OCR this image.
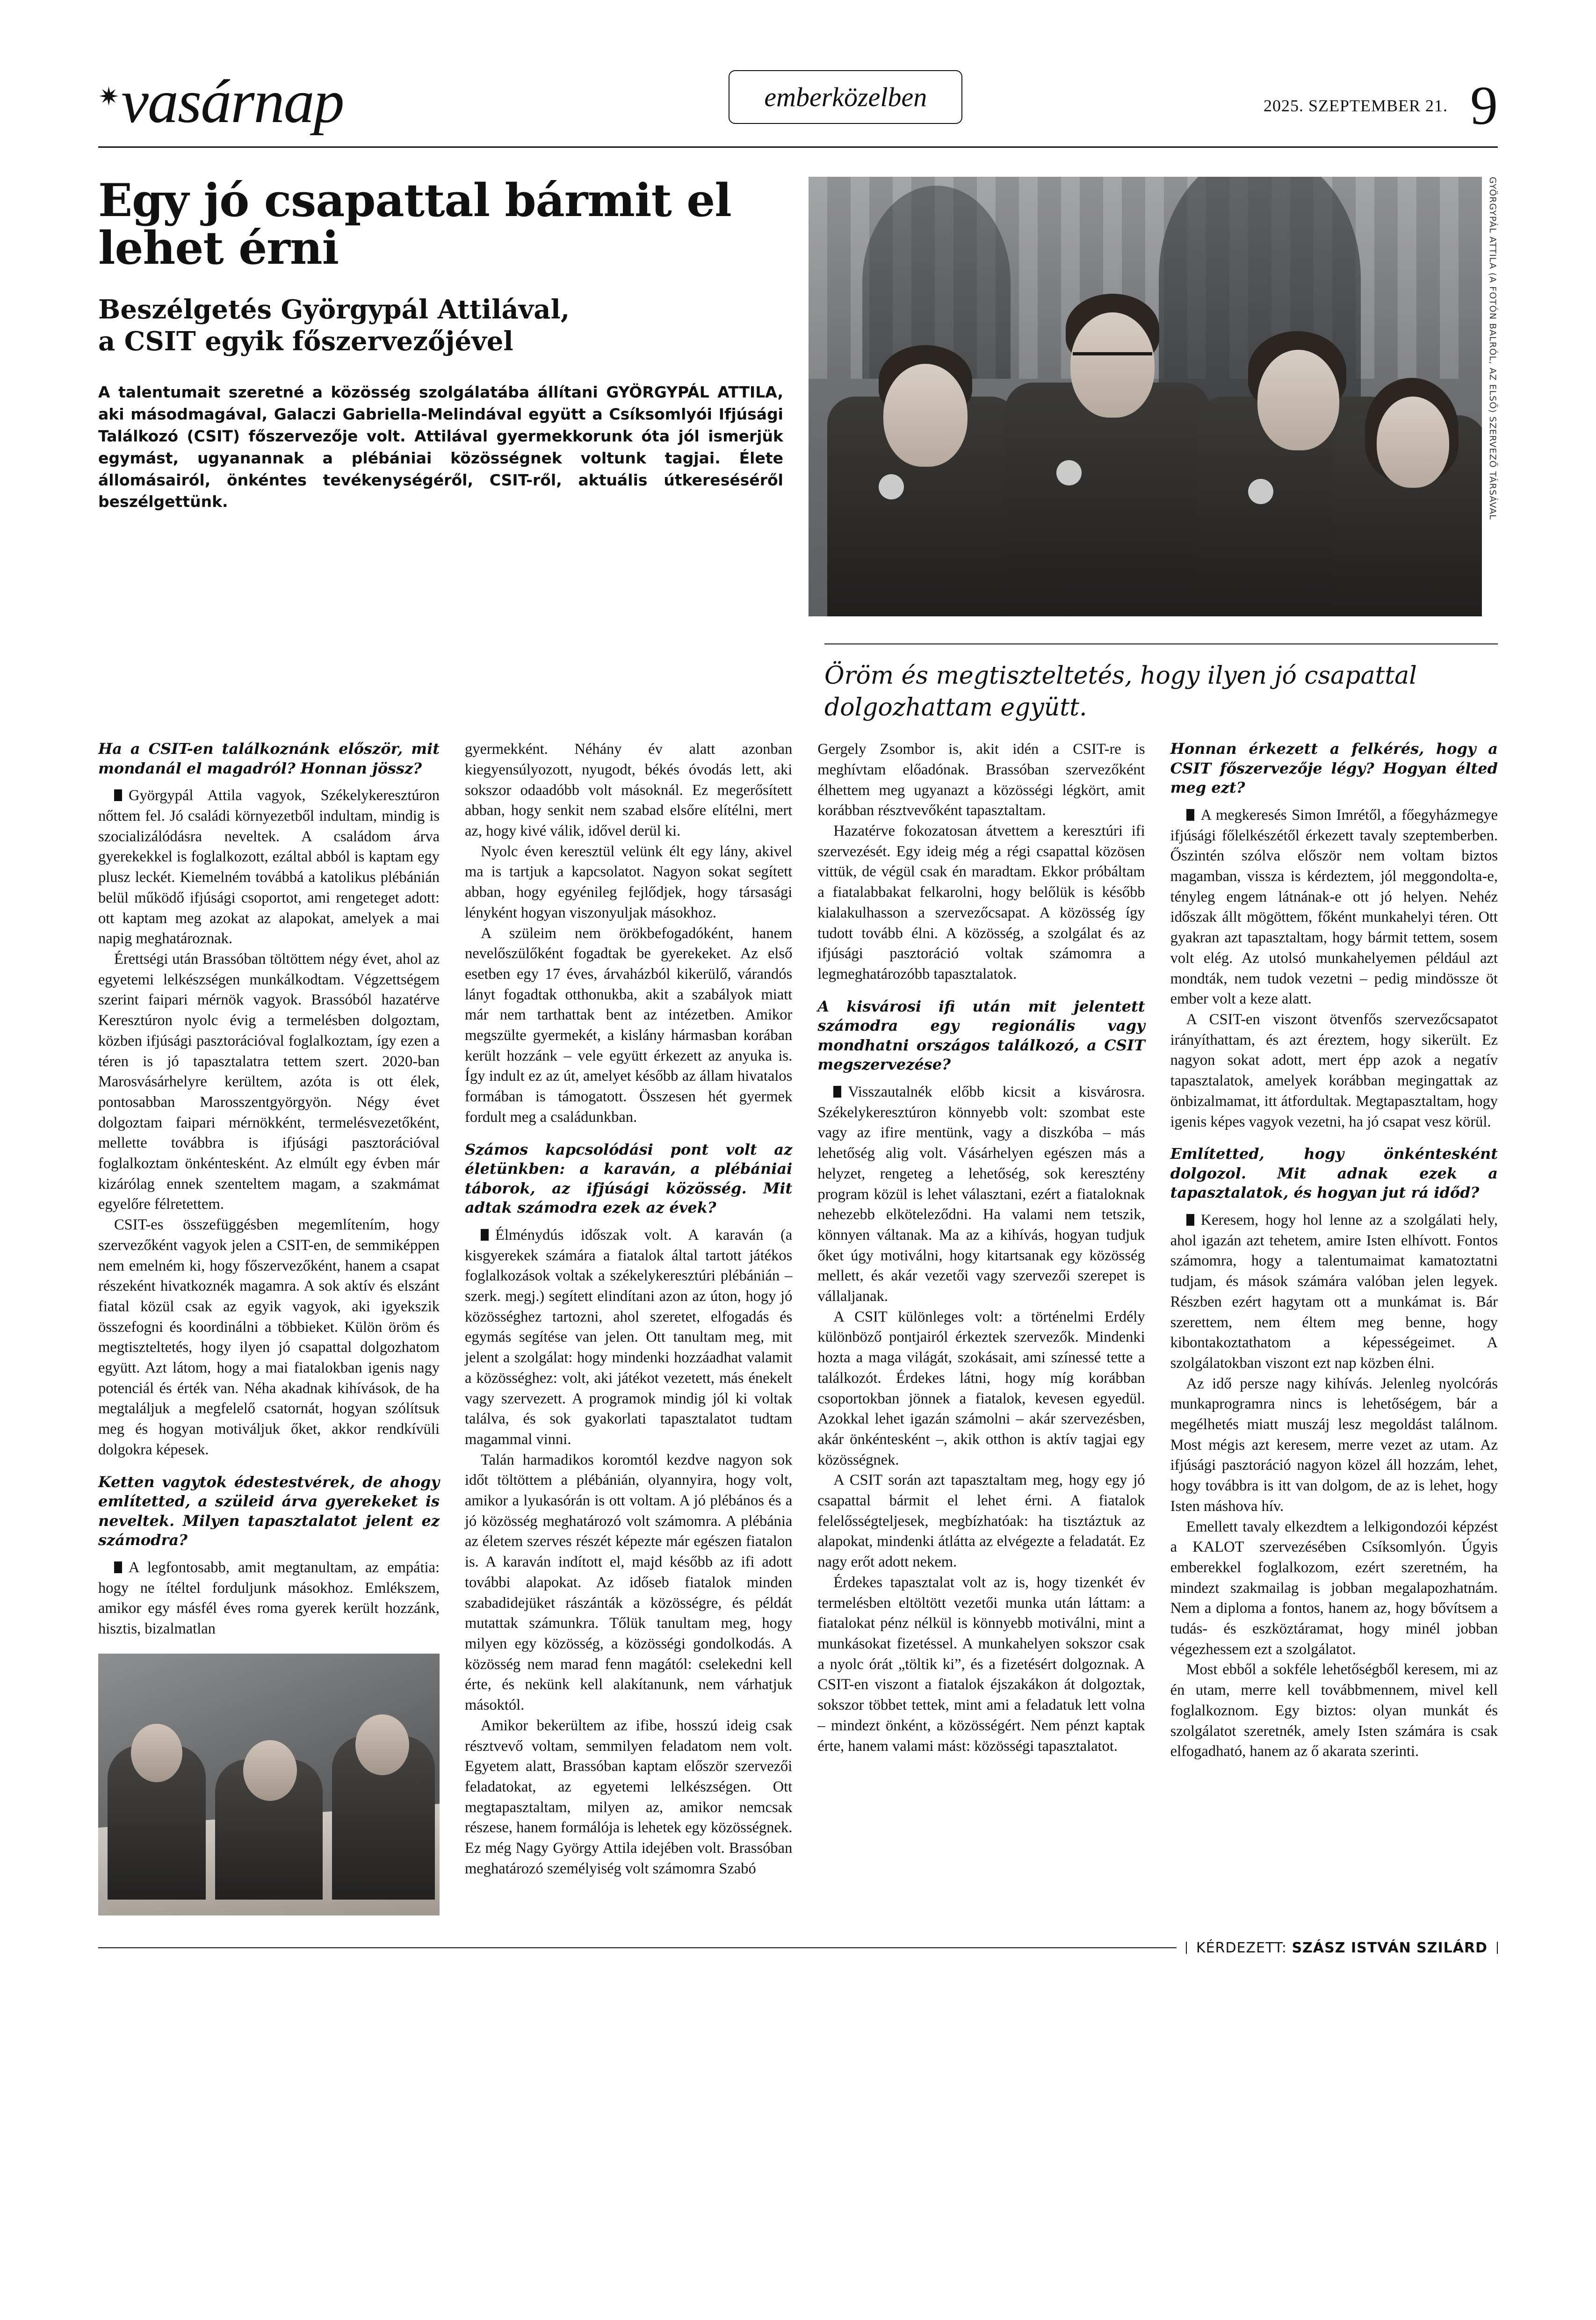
✷ vasárnap	emberközelben	2025. SZEPTEMBER 21. 9
Egy jó csapattal bármit el lehet érni
Beszélgetés Györgypál Attilával,
a CSIT egyik főszervezőjével

A talentumait szeretné a közösség szolgálatába állítani GYÖRGYPÁL ATTILA, aki másodmagával, Galaczi Gabriella-Melindával együtt a Csíksomlyói Ifjúsági Találkozó (CSIT) főszervezője volt. Attilával gyermekkorunk óta jól ismerjük egymást, ugyanannak a plébániai közösségnek voltunk tagjai. Élete állomásairól, önkéntes tevékenységéről, CSIT-ről, aktuális útkereséséről beszélgettünk.	GYÖRGYPÁL ATTILA (A FOTÓN BALRÓL, AZ ELSŐ) SZERVEZŐ TÁRSÁVAL
Öröm és megtiszteltetés, hogy ilyen jó csapattal dolgozhattam együtt.
Ha a CSIT-en találkoznánk először, mit mondanál el magadról? Honnan jössz?

Györgypál Attila vagyok, Székelykeresztúron nőttem fel. Jó családi környezetből indultam, mindig is szocializálódásra neveltek. A családom árva gyerekekkel is foglalkozott, ezáltal abból is kaptam egy plusz leckét. Kiemelném továbbá a katolikus plébánián belül működő ifjúsági csoportot, ami rengeteget adott: ott kaptam meg azokat az alapokat, amelyek a mai napig meghatároznak.

Érettségi után Brassóban töltöttem négy évet, ahol az egyetemi lelkészségen munkálkodtam. Végzettségem szerint faipari mérnök vagyok. Brassóból hazatérve Keresztúron nyolc évig a termelésben dolgoztam, közben ifjúsági pasztorációval foglalkoztam, így ezen a téren is jó tapasztalatra tettem szert. 2020-ban Marosvásárhelyre kerültem, azóta is ott élek, pontosabban Marosszentgyörgyön. Négy évet dolgoztam faipari mérnökként, termelésvezetőként, mellette továbbra is ifjúsági pasztorációval foglalkoztam önkéntesként. Az elmúlt egy évben már kizárólag ennek szenteltem magam, a szakmámat egyelőre félretettem.

CSIT-es összefüggésben megemlítením, hogy szervezőként vagyok jelen a CSIT-en, de semmiképpen nem emelném ki, hogy főszervezőként, hanem a csapat részeként hivatkoznék magamra. A sok aktív és elszánt fiatal közül csak az egyik vagyok, aki igyekszik összefogni és koordinálni a többieket. Külön öröm és megtiszteltetés, hogy ilyen jó csapattal dolgozhatom együtt. Azt látom, hogy a mai fiatalokban igenis nagy potenciál és érték van. Néha akadnak kihívások, de ha megtaláljuk a megfelelő csatornát, hogyan szólítsuk meg és hogyan motiváljuk őket, akkor rendkívüli dolgokra képesek.

Ketten vagytok édestestvérek, de ahogy említetted, a szüleid árva gyerekeket is neveltek. Milyen tapasztalatot jelent ez számodra?

A legfontosabb, amit megtanultam, az empátia: hogy ne ítéltel forduljunk másokhoz. Emlékszem, amikor egy másfél éves roma gyerek került hozzánk, hisztis, bizalmatlan

gyermekként. Néhány év alatt azonban kiegyensúlyozott, nyugodt, békés óvodás lett, aki sokszor odaadóbb volt másoknál. Ez megerősített abban, hogy senkit nem szabad elsőre elítélni, mert az, hogy kivé válik, idővel derül ki.

Nyolc éven keresztül velünk élt egy lány, akivel ma is tartjuk a kapcsolatot. Nagyon sokat segített abban, hogy egyénileg fejlődjek, hogy társasági lényként hogyan viszonyuljak másokhoz.

A szüleim nem örökbefogadóként, hanem nevelőszülőként fogadtak be gyerekeket. Az első esetben egy 17 éves, árvaházból kikerülő, várandós lányt fogadtak otthonukba, akit a szabályok miatt már nem tarthattak bent az intézetben. Amikor megszülte gyermekét, a kislány hármasban korában került hozzánk – vele együtt érkezett az anyuka is. Így indult ez az út, amelyet később az állam hivatalos formában is támogatott. Összesen hét gyermek fordult meg a családunkban.

Számos kapcsolódási pont volt az életünkben: a karaván, a plébániai táborok, az ifjúsági közösség. Mit adtak számodra ezek az évek?

Élménydús időszak volt. A karaván (a kisgyerekek számára a fiatalok által tartott játékos foglalkozások voltak a székelykeresztúri plébánián – szerk. megj.) segített elindítani azon az úton, hogy jó közösséghez tartozni, ahol szeretet, elfogadás és egymás segítése van jelen. Ott tanultam meg, mit jelent a szolgálat: hogy mindenki hozzáadhat valamit a közösséghez: volt, aki játékot vezetett, más énekelt vagy szervezett. A programok mindig jól ki voltak találva, és sok gyakorlati tapasztalatot tudtam magammal vinni.

Talán harmadikos koromtól kezdve nagyon sok időt töltöttem a plébánián, olyannyira, hogy volt, amikor a lyukasórán is ott voltam. A jó plébános és a jó közösség meghatározó volt számomra. A plébánia az életem szerves részét képezte már egészen fiatalon is. A karaván indított el, majd később az ifi adott további alapokat. Az időseb fiatalok minden szabadidejüket rászánták a közösségre, és példát mutattak számunkra. Tőlük tanultam meg, hogy milyen egy közösség, a közösségi gondolkodás. A közösség nem marad fenn magától: cselekedni kell érte, és nekünk kell alakítanunk, nem várhatjuk másoktól.

Amikor bekerültem az ifibe, hosszú ideig csak résztvevő voltam, semmilyen feladatom nem volt. Egyetem alatt, Brassóban kaptam először szervezői feladatokat, az egyetemi lelkészségen. Ott megtapasztaltam, milyen az, amikor nemcsak részese, hanem formálója is lehetek egy közösségnek. Ez még Nagy György Attila idejében volt. Brassóban meghatározó személyiség volt számomra Szabó

Gergely Zsombor is, akit idén a CSIT-re is meghívtam előadónak. Brassóban szervezőként élhettem meg ugyanazt a közösségi légkört, amit korábban résztvevőként tapasztaltam.

Hazatérve fokozatosan átvettem a keresztúri ifi szervezését. Egy ideig még a régi csapattal közösen vittük, de végül csak én maradtam. Ekkor próbáltam a fiatalabbakat felkarolni, hogy belőlük is később kialakulhasson a szervezőcsapat. A közösség így tudott tovább élni. A közösség, a szolgálat és az ifjúsági pasztoráció voltak számomra a legmeghatározóbb tapasztalatok.

A kisvárosi ifi után mit jelentett számodra egy regionális vagy mondhatni országos találkozó, a CSIT megszervezése?

Visszautalnék előbb kicsit a kisvárosra. Székelykeresztúron könnyebb volt: szombat este vagy az ifire mentünk, vagy a diszkóba – más lehetőség alig volt. Vásárhelyen egészen más a helyzet, rengeteg a lehetőség, sok keresztény program közül is lehet választani, ezért a fiataloknak nehezebb elköteleződni. Ha valami nem tetszik, könnyen váltanak. Ma az a kihívás, hogyan tudjuk őket úgy motiválni, hogy kitartsanak egy közösség mellett, és akár vezetői vagy szervezői szerepet is vállaljanak.

A CSIT különleges volt: a történelmi Erdély különböző pontjairól érkeztek szervezők. Mindenki hozta a maga világát, szokásait, ami színessé tette a találkozót. Érdekes látni, hogy míg korábban csoportokban jönnek a fiatalok, kevesen egyedül. Azokkal lehet igazán számolni – akár szervezésben, akár önkéntesként –, akik otthon is aktív tagjai egy közösségnek.

A CSIT során azt tapasztaltam meg, hogy egy jó csapattal bármit el lehet érni. A fiatalok felelősségteljesek, megbízhatóak: ha tisztáztuk az alapokat, mindenki átlátta az elvégezte a feladatát. Ez nagy erőt adott nekem.

Érdekes tapasztalat volt az is, hogy tizenkét év termelésben eltöltött vezetői munka után láttam: a fiatalokat pénz nélkül is könnyebb motiválni, mint a munkásokat fizetéssel. A munkahelyen sokszor csak a nyolc órát „töltik ki”, és a fizetésért dolgoznak. A CSIT-en viszont a fiatalok éjszakákon át dolgoztak, sokszor többet tettek, mint ami a feladatuk lett volna – mindezt önként, a közösségért. Nem pénzt kaptak érte, hanem valami mást: közösségi tapasztalatot.

Honnan érkezett a felkérés, hogy a CSIT főszervezője légy? Hogyan élted meg ezt?

A megkeresés Simon Imrétől, a főegyházmegye ifjúsági főlelkészétől érkezett tavaly szeptemberben. Őszintén szólva először nem voltam biztos magamban, vissza is kérdeztem, jól meggondolta-e, tényleg engem látnának-e ott jó helyen. Nehéz időszak állt mögöttem, főként munkahelyi téren. Ott gyakran azt tapasztaltam, hogy bármit tettem, sosem volt elég. Az utolsó munkahelyemen például azt mondták, nem tudok vezetni – pedig mindössze öt ember volt a keze alatt.

A CSIT-en viszont ötvenfős szervezőcsapatot irányíthattam, és azt éreztem, hogy sikerült. Ez nagyon sokat adott, mert épp azok a negatív tapasztalatok, amelyek korábban megingattak az önbizalmamat, itt átfordultak. Megtapasztaltam, hogy igenis képes vagyok vezetni, ha jó csapat vesz körül.

Említetted, hogy önkéntesként dolgozol. Mit adnak ezek a tapasztalatok, és hogyan jut rá időd?

Keresem, hogy hol lenne az a szolgálati hely, ahol igazán azt tehetem, amire Isten elhívott. Fontos számomra, hogy a talentumaimat kamatoztatni tudjam, és mások számára valóban jelen legyek. Részben ezért hagytam ott a munkámat is. Bár szerettem, nem éltem meg benne, hogy kibontakoztathatom a képességeimet. A szolgálatokban viszont ezt nap közben élni.

Az idő persze nagy kihívás. Jelenleg nyolcórás munkaprogramra nincs is lehetőségem, bár a megélhetés miatt muszáj lesz megoldást találnom. Most mégis azt keresem, merre vezet az utam. Az ifjúsági pasztoráció nagyon közel áll hozzám, lehet, hogy továbbra is itt van dolgom, de az is lehet, hogy Isten máshova hív.

Emellett tavaly elkezdtem a lelkigondozói képzést a KALOT szervezésében Csíksomlyón. Úgyis emberekkel foglalkozom, ezért szeretném, ha mindezt szakmailag is jobban megalapozhatnám. Nem a diploma a fontos, hanem az, hogy bővítsem a tudás- és eszköztáramat, hogy minél jobban végezhessem ezt a szolgálatot.

Most ebből a sokféle lehetőségből keresem, mi az én utam, merre kell továbbmennem, mivel kell foglalkoznom. Egy biztos: olyan munkát és szolgálatot szeretnék, amely Isten számára is csak elfogadható, hanem az ő akarata szerinti.

KÉRDEZETT: SZÁSZ ISTVÁN SZILÁRD
